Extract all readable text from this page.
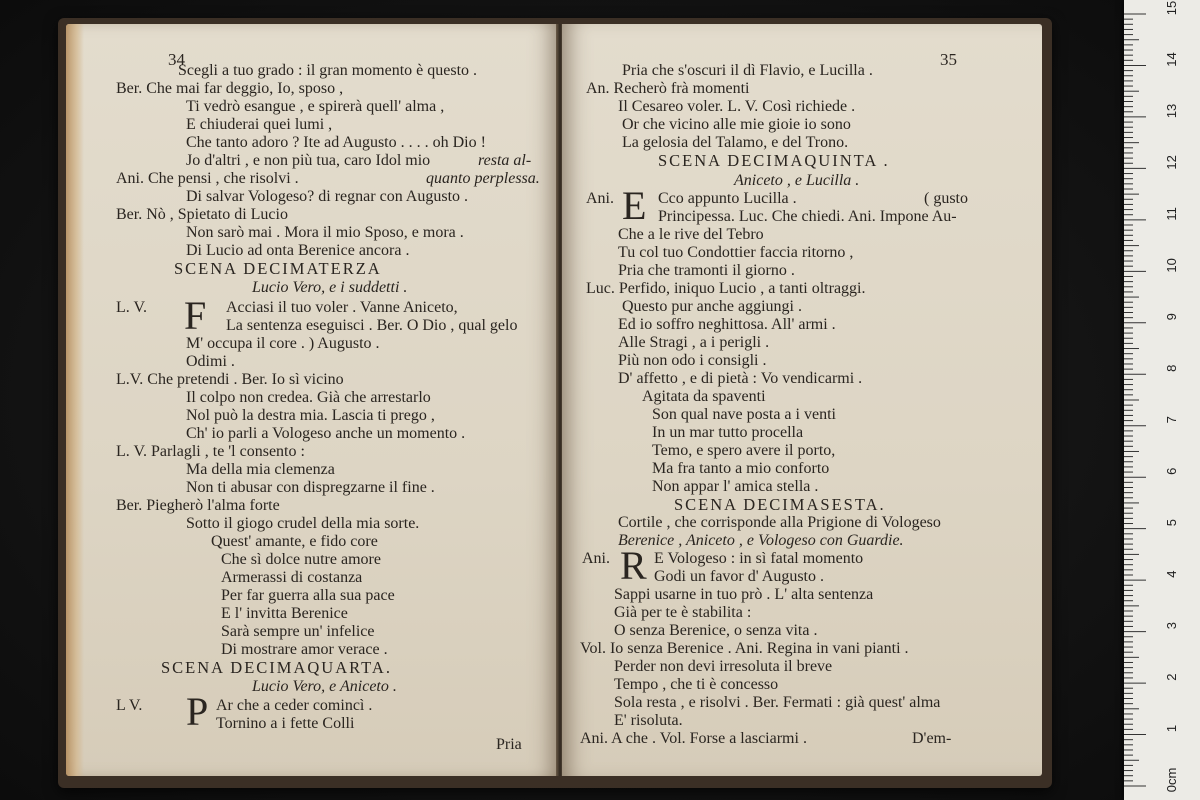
34
Scegli a tuo grado : il gran momento è questo .
Ber. Che mai far deggio, Io, sposo ,
Ti vedrò esangue , e spirerà quell' alma ,
E chiuderai quei lumi ,
Che tanto adoro ? Ite ad Augusto . . . . oh Dio !
Jo d'altri , e non più tua, caro Idol mio	resta al-
Ani. Che pensi , che risolvi .	quanto perplessa.
Di salvar Vologeso? di regnar con Augusto .
Ber. Nò , Spietato di Lucio
Non sarò mai . Mora il mio Sposo, e mora .
Di Lucio ad onta Berenice ancora .
SCENA DECIMATERZA
Lucio Vero, e i suddetti .
L. V. F Acciasi il tuo voler . Vanne Aniceto,
La sentenza eseguisci . Ber. O Dio , qual gelo
M' occupa il core . ) Augusto .
Odimi .
L.V. Che pretendi . Ber. Io sì vicino
Il colpo non credea. Già che arrestarlo
Nol può la destra mia. Lascia ti prego ,
Ch' io parli a Vologeso anche un momento .
L. V. Parlagli , te 'l consento :
Ma della mia clemenza
Non ti abusar con dispregzarne il fine .
Ber. Piegherò l'alma forte
Sotto il giogo crudel della mia sorte.
Quest' amante, e fido core
Che sì dolce nutre amore
Armerassi di costanza
Per far guerra alla sua pace
E l' invitta Berenice
Sarà sempre un' infelice
Di mostrare amor verace .
SCENA DECIMAQUARTA.
Lucio Vero, e Aniceto .
L V. P Ar che a ceder comincì .
Tornino a i fette Colli
Pria
35
Pria che s'oscuri il dì Flavio, e Lucilla .
An. Recherò frà momenti
Il Cesareo voler. L. V. Così richiede .
Or che vicino alle mie gioie io sono
La gelosia del Talamo, e del Trono.
SCENA DECIMAQUINTA .
Aniceto , e Lucilla .
Ani. E Cco appunto Lucilla .	( gusto
Principessa. Luc. Che chiedi. Ani. Impone Au-
Che a le rive del Tebro
Tu col tuo Condottier faccia ritorno ,
Pria che tramonti il giorno .
Luc. Perfido, iniquo Lucio , a tanti oltraggi.
Questo pur anche aggiungi .
Ed io soffro neghittosa. All' armi .
Alle Stragi , a i perigli .
Più non odo i consigli .
D' affetto , e di pietà : Vo vendicarmi .
Agitata da spaventi
Son qual nave posta a i venti
In un mar tutto procella
Temo, e spero avere il porto,
Ma fra tanto a mio conforto
Non appar l' amica stella .
SCENA DECIMASESTA.
Cortile , che corrisponde alla Prigione di Vologeso
Berenice , Aniceto , e Vologeso con Guardie.
Ani. R E Vologeso : in sì fatal momento
Godi un favor d' Augusto .
Sappi usarne in tuo prò . L' alta sentenza
Già per te è stabilita :
O senza Berenice, o senza vita .
Vol. Io senza Berenice . Ani. Regina in vani pianti .
Perder non devi irresoluta il breve
Tempo , che ti è concesso
Sola resta , e risolvi . Ber. Fermati : già quest' alma
E' risoluta.
Ani. A che . Vol. Forse a lasciarmi .	D'em-
15
14
13
12
11
10
9
8
7
6
5
4
3
2
1
0cm
